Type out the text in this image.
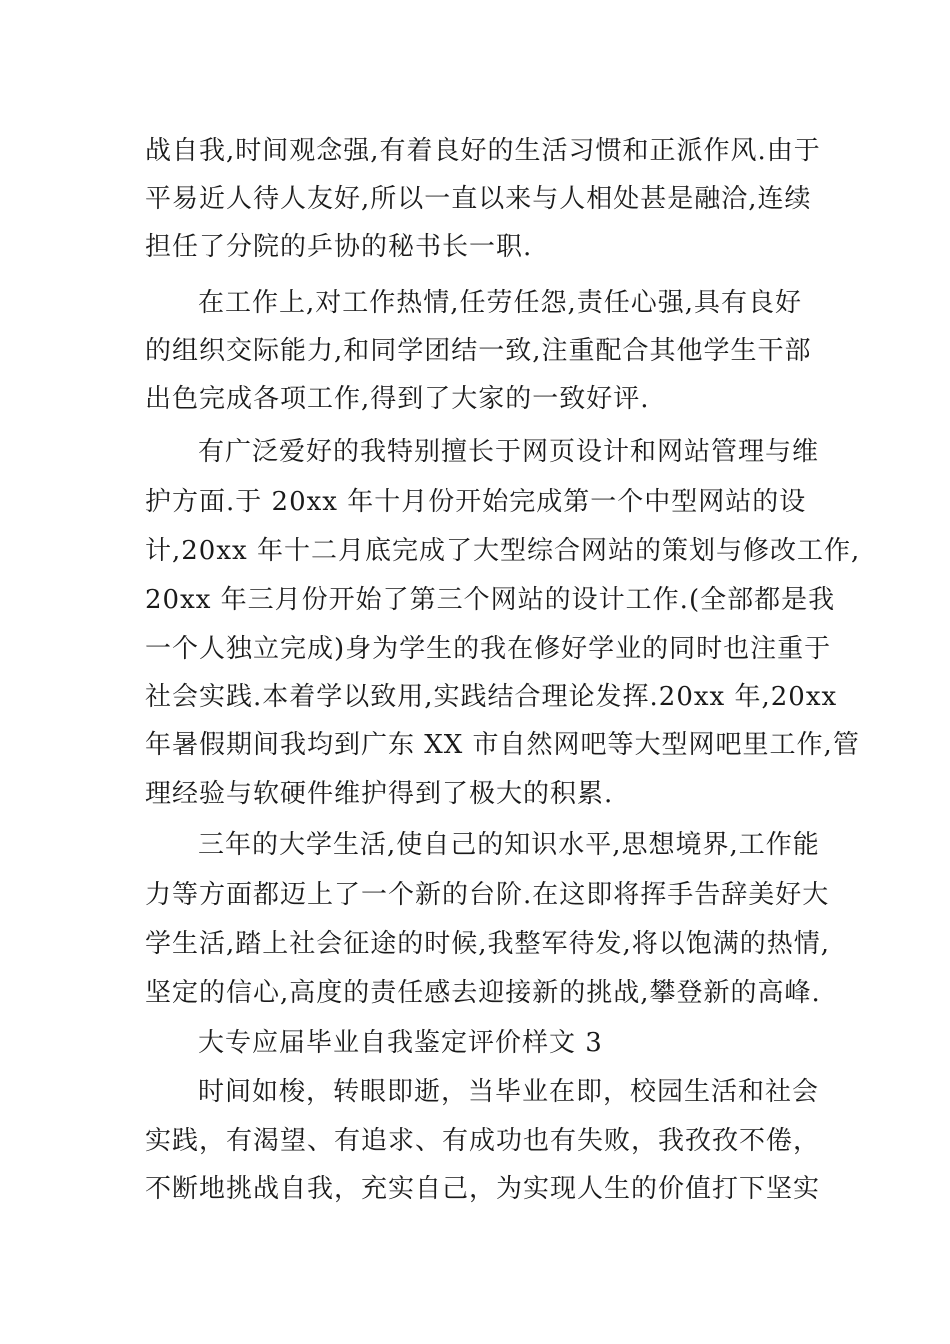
战自我,时间观念强,有着良好的生活习惯和正派作风.由于
平易近人待人友好,所以一直以来与人相处甚是融洽,连续
担任了分院的乒协的秘书长一职.
在工作上,对工作热情,任劳任怨,责任心强,具有良好
的组织交际能力,和同学团结一致,注重配合其他学生干部
出色完成各项工作,得到了大家的一致好评.
有广泛爱好的我特别擅长于网页设计和网站管理与维
护方面.于 20xx 年十月份开始完成第一个中型网站的设
计,20xx 年十二月底完成了大型综合网站的策划与修改工作,
20xx 年三月份开始了第三个网站的设计工作.(全部都是我
一个人独立完成)身为学生的我在修好学业的同时也注重于
社会实践.本着学以致用,实践结合理论发挥.20xx 年,20xx
年暑假期间我均到广东 XX 市自然网吧等大型网吧里工作,管
理经验与软硬件维护得到了极大的积累.
三年的大学生活,使自己的知识水平,思想境界,工作能
力等方面都迈上了一个新的台阶.在这即将挥手告辞美好大
学生活,踏上社会征途的时候,我整军待发,将以饱满的热情,
坚定的信心,高度的责任感去迎接新的挑战,攀登新的高峰.
大专应届毕业自我鉴定评价样文 3
时间如梭，转眼即逝，当毕业在即，校园生活和社会
实践，有渴望、有追求、有成功也有失败，我孜孜不倦，
不断地挑战自我，充实自己，为实现人生的价值打下坚实
